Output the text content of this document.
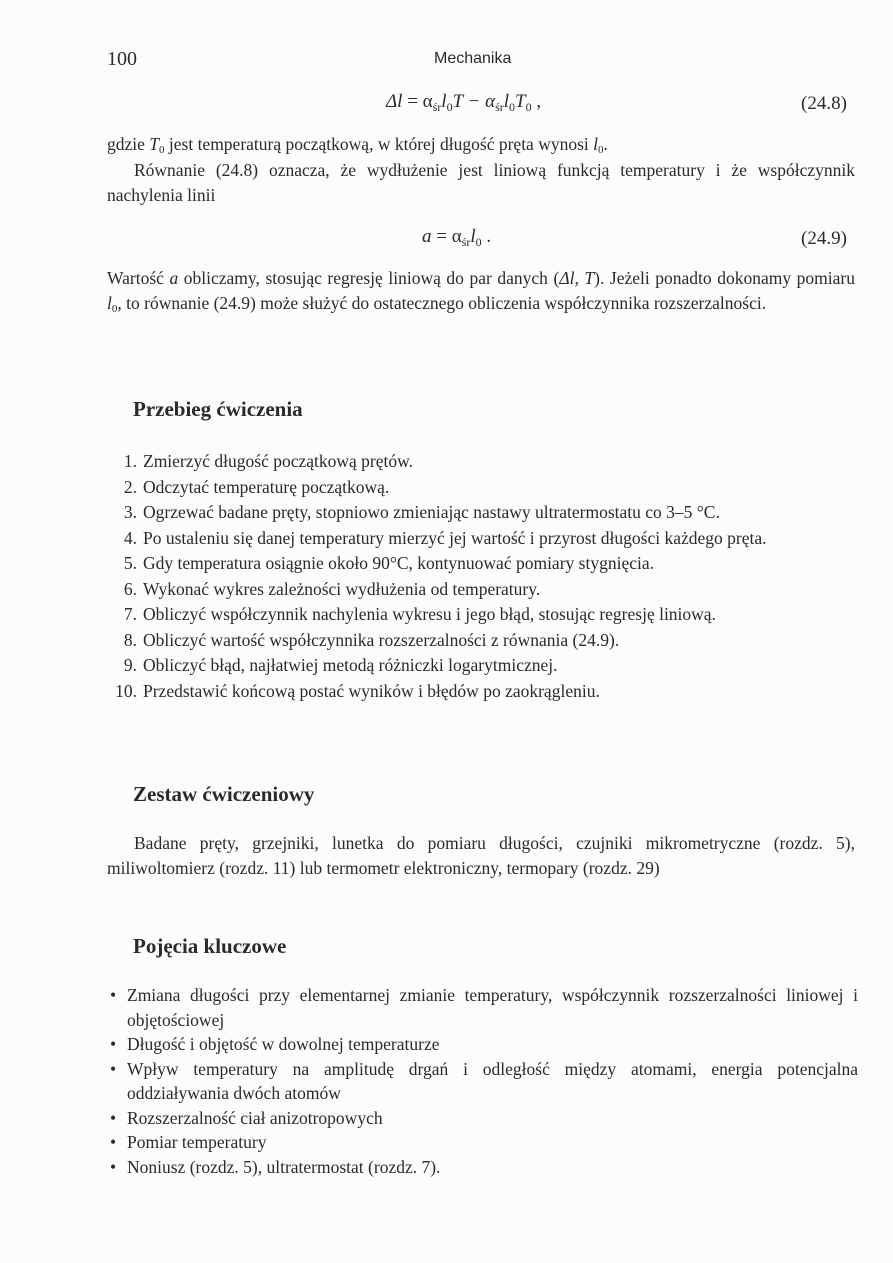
100	Mechanika
$\Delta l = \alpha_{śr}l_0T - \alpha_{śr}l_0T_0$ ,	(24.8)
gdzie $T_0$ jest temperaturą początkową, w której długość pręta wynosi $l_0$.
Równanie (24.8) oznacza, że wydłużenie jest liniową funkcją temperatury i że współczynnik nachylenia linii
$a = \alpha_{śr}l_0$ .	(24.9)
Wartość a obliczamy, stosując regresję liniową do par danych (Δl, T). Jeżeli ponadto dokonamy pomiaru $l_0$, to równanie (24.9) może służyć do ostatecznego obliczenia współczynnika rozszerzalności.
Przebieg ćwiczenia
1. Zmierzyć długość początkową prętów.
2. Odczytać temperaturę początkową.
3. Ogrzewać badane pręty, stopniowo zmieniając nastawy ultratermostatu co 3–5 °C.
4. Po ustaleniu się danej temperatury mierzyć jej wartość i przyrost długości każdego pręta.
5. Gdy temperatura osiągnie około 90°C, kontynuować pomiary stygnięcia.
6. Wykonać wykres zależności wydłużenia od temperatury.
7. Obliczyć współczynnik nachylenia wykresu i jego błąd, stosując regresję liniową.
8. Obliczyć wartość współczynnika rozszerzalności z równania (24.9).
9. Obliczyć błąd, najłatwiej metodą różniczki logarytmicznej.
10. Przedstawić końcową postać wyników i błędów po zaokrągleniu.
Zestaw ćwiczeniowy
Badane pręty, grzejniki, lunetka do pomiaru długości, czujniki mikrometryczne (rozdz. 5), miliwoltomierz (rozdz. 11) lub termometr elektroniczny, termopary (rozdz. 29)
Pojęcia kluczowe
• Zmiana długości przy elementarnej zmianie temperatury, współczynnik rozszerzalności liniowej i objętościowej
• Długość i objętość w dowolnej temperaturze
• Wpływ temperatury na amplitudę drgań i odległość między atomami, energia potencjalna oddziaływania dwóch atomów
• Rozszerzalność ciał anizotropowych
• Pomiar temperatury
• Noniusz (rozdz. 5), ultratermostat (rozdz. 7).
